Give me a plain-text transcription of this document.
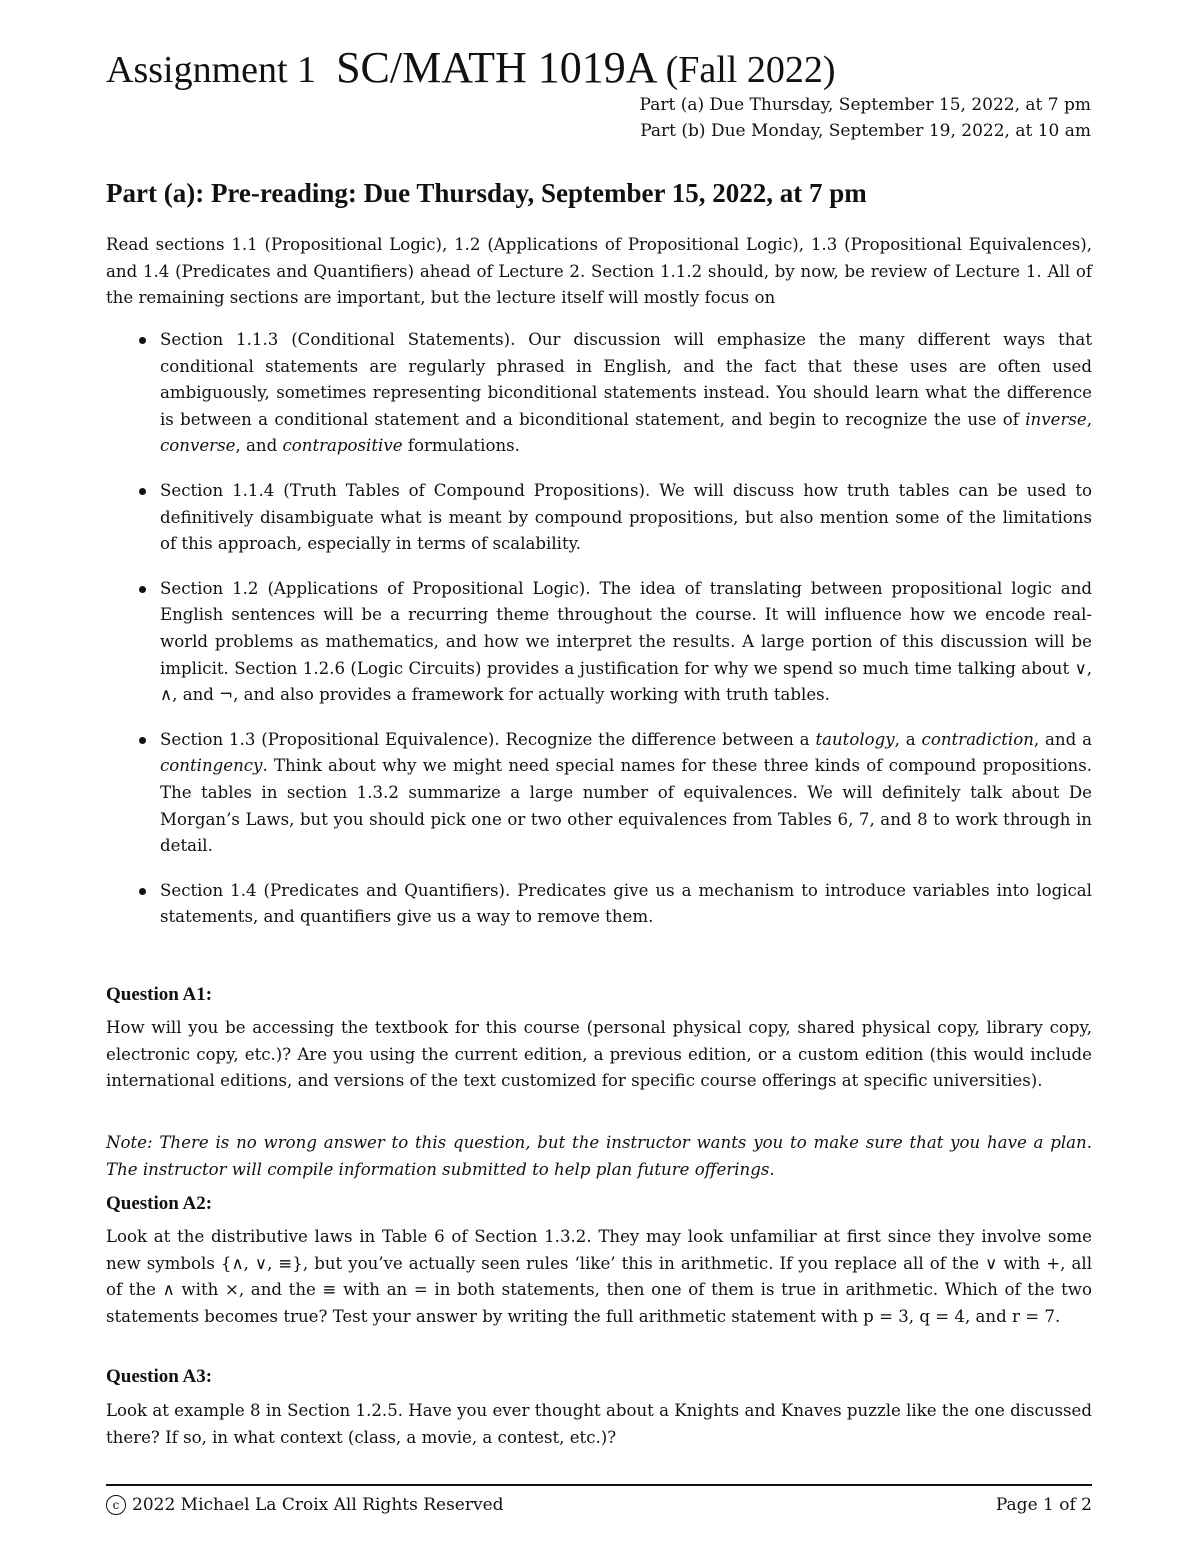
Assignment 1 SC/MATH 1019A (Fall 2022)
Part (a) Due Thursday, September 15, 2022, at 7 pm
Part (b) Due Monday, September 19, 2022, at 10 am
Part (a): Pre-reading: Due Thursday, September 15, 2022, at 7 pm

Read sections 1.1 (Propositional Logic), 1.2 (Applications of Propositional Logic), 1.3 (Propositional Equivalences), and 1.4 (Predicates and Quantifiers) ahead of Lecture 2. Section 1.1.2 should, by now, be review of Lecture 1. All of the remaining sections are important, but the lecture itself will mostly focus on

Section 1.1.3 (Conditional Statements). Our discussion will emphasize the many different ways that conditional statements are regularly phrased in English, and the fact that these uses are often used ambiguously, sometimes representing biconditional statements instead. You should learn what the difference is between a conditional statement and a biconditional statement, and begin to recognize the use of inverse, converse, and contrapositive formulations.
Section 1.1.4 (Truth Tables of Compound Propositions). We will discuss how truth tables can be used to definitively disambiguate what is meant by compound propositions, but also mention some of the limitations of this approach, especially in terms of scalability.
Section 1.2 (Applications of Propositional Logic). The idea of translating between propositional logic and English sentences will be a recurring theme throughout the course. It will influence how we encode real-world problems as mathematics, and how we interpret the results. A large portion of this discussion will be implicit. Section 1.2.6 (Logic Circuits) provides a justification for why we spend so much time talking about ∨, ∧, and ¬, and also provides a framework for actually working with truth tables.
Section 1.3 (Propositional Equivalence). Recognize the difference between a tautology, a contradiction, and a contingency. Think about why we might need special names for these three kinds of compound propositions. The tables in section 1.3.2 summarize a large number of equivalences. We will definitely talk about De Morgan’s Laws, but you should pick one or two other equivalences from Tables 6, 7, and 8 to work through in detail.
Section 1.4 (Predicates and Quantifiers). Predicates give us a mechanism to introduce variables into logical statements, and quantifiers give us a way to remove them.
Question A1:

How will you be accessing the textbook for this course (personal physical copy, shared physical copy, library copy, electronic copy, etc.)? Are you using the current edition, a previous edition, or a custom edition (this would include international editions, and versions of the text customized for specific course offerings at specific universities).

Note: There is no wrong answer to this question, but the instructor wants you to make sure that you have a plan. The instructor will compile information submitted to help plan future offerings.

Question A2:

Look at the distributive laws in Table 6 of Section 1.3.2. They may look unfamiliar at first since they involve some new symbols {∧, ∨, ≡}, but you’ve actually seen rules ‘like’ this in arithmetic. If you replace all of the ∨ with +, all of the ∧ with ×, and the ≡ with an = in both statements, then one of them is true in arithmetic. Which of the two statements becomes true? Test your answer by writing the full arithmetic statement with p = 3, q = 4, and r = 7.

Question A3:

Look at example 8 in Section 1.2.5. Have you ever thought about a Knights and Knaves puzzle like the one discussed there? If so, in what context (class, a movie, a contest, etc.)?

c 2022 Michael La Croix All Rights Reserved	Page 1 of 2
